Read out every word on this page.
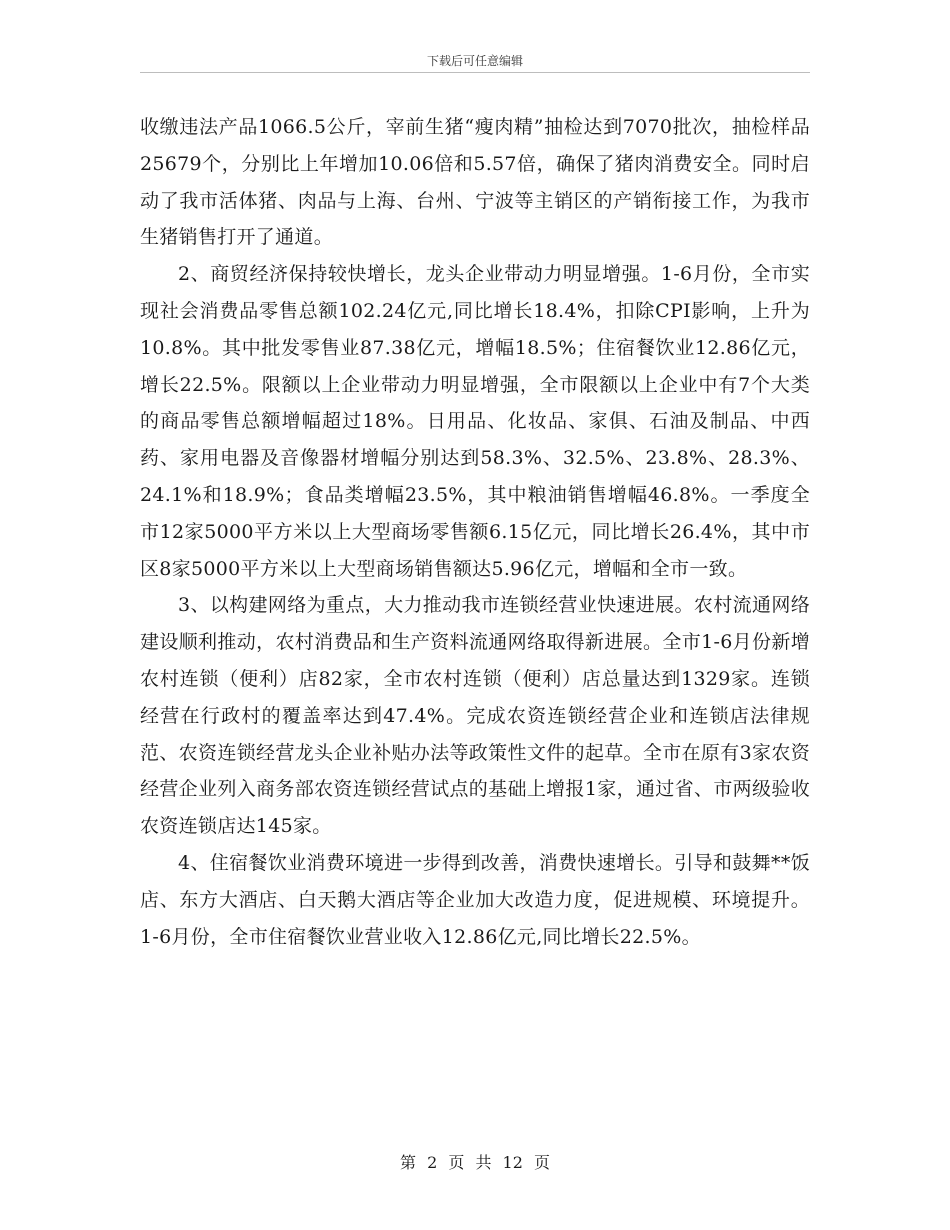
下载后可任意编辑

收缴违法产品1066.5公斤，宰前生猪“瘦肉精”抽检达到7070批次，抽检样品25679个，分别比上年增加10.06倍和5.57倍，确保了猪肉消费安全。同时启动了我市活体猪、肉品与上海、台州、宁波等主销区的产销衔接工作，为我市生猪销售打开了通道。

2、商贸经济保持较快增长，龙头企业带动力明显增强。1-6月份，全市实现社会消费品零售总额102.24亿元,同比增长18.4%，扣除CPI影响，上升为10.8%。其中批发零售业87.38亿元，增幅18.5%；住宿餐饮业12.86亿元，增长22.5%。限额以上企业带动力明显增强，全市限额以上企业中有7个大类的商品零售总额增幅超过18%。日用品、化妆品、家俱、石油及制品、中西药、家用电器及音像器材增幅分别达到58.3%、32.5%、23.8%、28.3%、24.1%和18.9%；食品类增幅23.5%，其中粮油销售增幅46.8%。一季度全市12家5000平方米以上大型商场零售额6.15亿元，同比增长26.4%，其中市区8家5000平方米以上大型商场销售额达5.96亿元，增幅和全市一致。

3、以构建网络为重点，大力推动我市连锁经营业快速进展。农村流通网络建设顺利推动，农村消费品和生产资料流通网络取得新进展。全市1-6月份新增农村连锁（便利）店82家，全市农村连锁（便利）店总量达到1329家。连锁经营在行政村的覆盖率达到47.4%。完成农资连锁经营企业和连锁店法律规范、农资连锁经营龙头企业补贴办法等政策性文件的起草。全市在原有3家农资经营企业列入商务部农资连锁经营试点的基础上增报1家，通过省、市两级验收农资连锁店达145家。

4、住宿餐饮业消费环境进一步得到改善，消费快速增长。引导和鼓舞**饭店、东方大酒店、白天鹅大酒店等企业加大改造力度，促进规模、环境提升。1-6月份，全市住宿餐饮业营业收入12.86亿元,同比增长22.5%。

第 2 页 共 12 页
